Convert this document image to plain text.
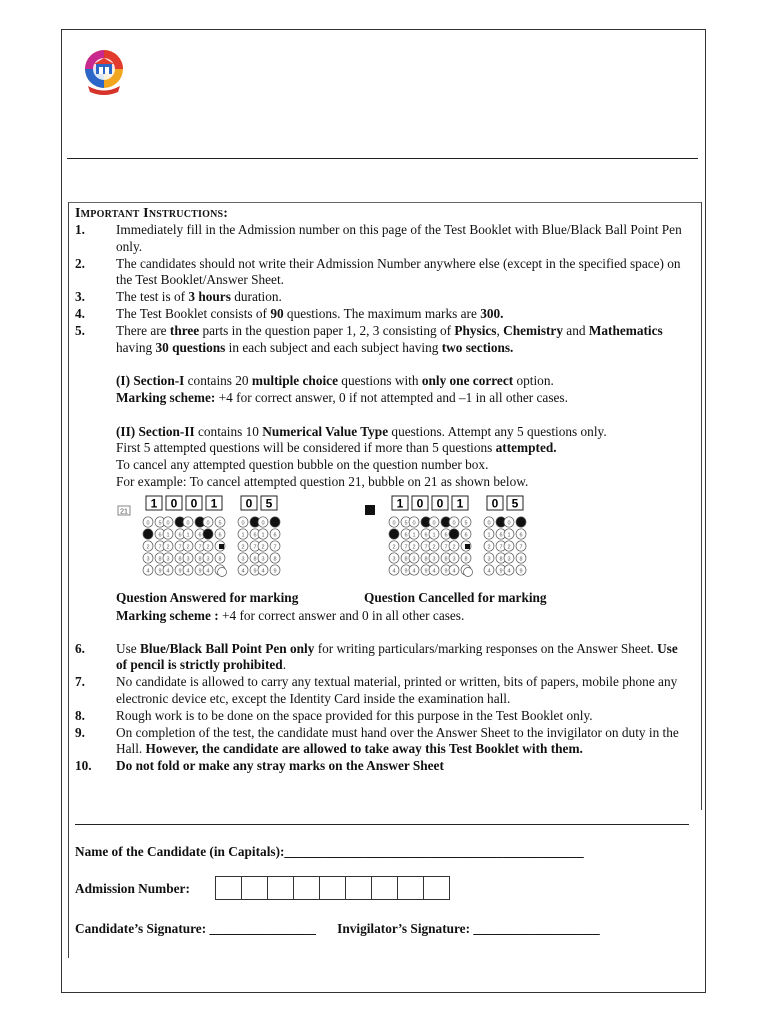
Important Instructions:
1.	Immediately fill in the Admission number on this page of the Test Booklet with Blue/Black Ball Point Pen only.
2.	The candidates should not write their Admission Number anywhere else (except in the specified space) on the Test Booklet/Answer Sheet.
3.	The test is of 3 hours duration.
4.	The Test Booklet consists of 90 questions. The maximum marks are 300.
5.	There are three parts in the question paper 1, 2, 3 consisting of Physics, Chemistry and Mathematics having 30 questions in each subject and each subject having two sections.
(I) Section-I contains 20 multiple choice questions with only one correct option.
Marking scheme: +4 for correct answer, 0 if not attempted and –1 in all other cases.
(II) Section-II contains 10 Numerical Value Type questions. Attempt any 5 questions only.
First 5 attempted questions will be considered if more than 5 questions attempted.
To cancel any attempted question bubble on the question number box.
For example: To cancel attempted question 21, bubble on 21 as shown below.
21
1 0 0 1 0 5
0 5
6
2 7
3 8
4 9
0
1 6
2 7
3 8
4 9
0
1 6
2 7
3 8
4 9
0 5
6
2
3 8
4
0
1 6
2 7
3 8
4 9
0
1 6
2 7
3 8
4 9
Question Answered for marking
1 0 0 1 0 5
0 5
6
2 7
3 8
4 9
0
1 6
2 7
3 8
4 9
0
1 6
2 7
3 8
4 9
0 5
6
2
3 8
4
0
1 6
2 7
3 8
4 9
0
1 6
2 7
3 8
4 9
Question Cancelled for marking
Marking scheme : +4 for correct answer and 0 in all other cases.
6.	Use Blue/Black Ball Point Pen only for writing particulars/marking responses on the Answer Sheet. Use of pencil is strictly prohibited.
7.	No candidate is allowed to carry any textual material, printed or written, bits of papers, mobile phone any electronic device etc, except the Identity Card inside the examination hall.
8.	Rough work is to be done on the space provided for this purpose in the Test Booklet only.
9.	On completion of the test, the candidate must hand over the Answer Sheet to the invigilator on duty in the Hall. However, the candidate are allowed to take away this Test Booklet with them.
10.	Do not fold or make any stray marks on the Answer Sheet
Name of the Candidate (in Capitals):_____________________________________________
Admission Number:
Candidate’s Signature: ________________ Invigilator’s Signature: ___________________
